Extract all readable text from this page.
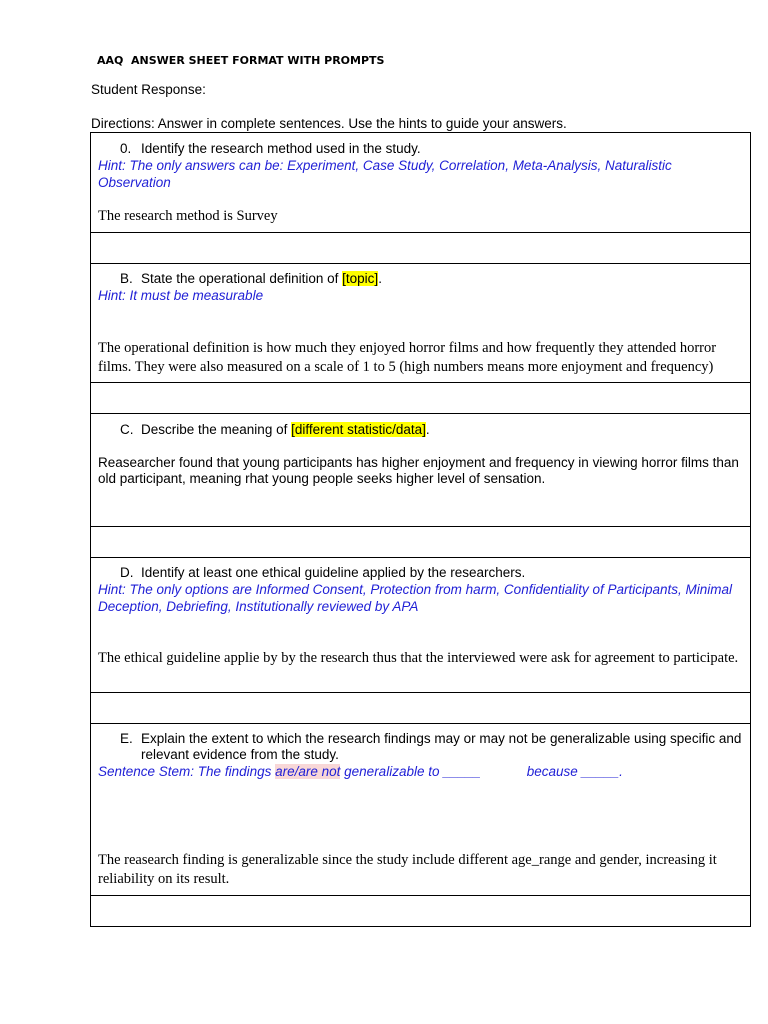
AAQ  ANSWER SHEET FORMAT WITH PROMPTS
Student Response:
Directions: Answer in complete sentences. Use the hints to guide your answers.
0. Identify the research method used in the study.
Hint: The only answers can be: Experiment, Case Study, Correlation, Meta-Analysis, Naturalistic Observation
The research method is Survey
B. State the operational definition of [topic].
Hint: It must be measurable
The operational definition is how much they enjoyed horror films and how frequently they attended horror films. They were also measured on a scale of 1 to 5 (high numbers means more enjoyment and frequency)
C. Describe the meaning of [different statistic/data].
Reasearcher found that young participants has higher enjoyment and frequency in viewing horror films than old participant, meaning rhat young people seeks higher level of sensation.
D. Identify at least one ethical guideline applied by the researchers.
Hint: The only options are Informed Consent, Protection from harm, Confidentiality of Participants, Minimal Deception, Debriefing, Institutionally reviewed by APA
The ethical guideline applie by by the research thus that the interviewed were ask for agreement to participate.
E. Explain the extent to which the research findings may or may not be generalizable using specific and relevant evidence from the study.
Sentence Stem: The findings are/are not generalizable to _____	because _____.
The reasearch finding is generalizable since the study include different age_range and gender, increasing it reliability on its result.
